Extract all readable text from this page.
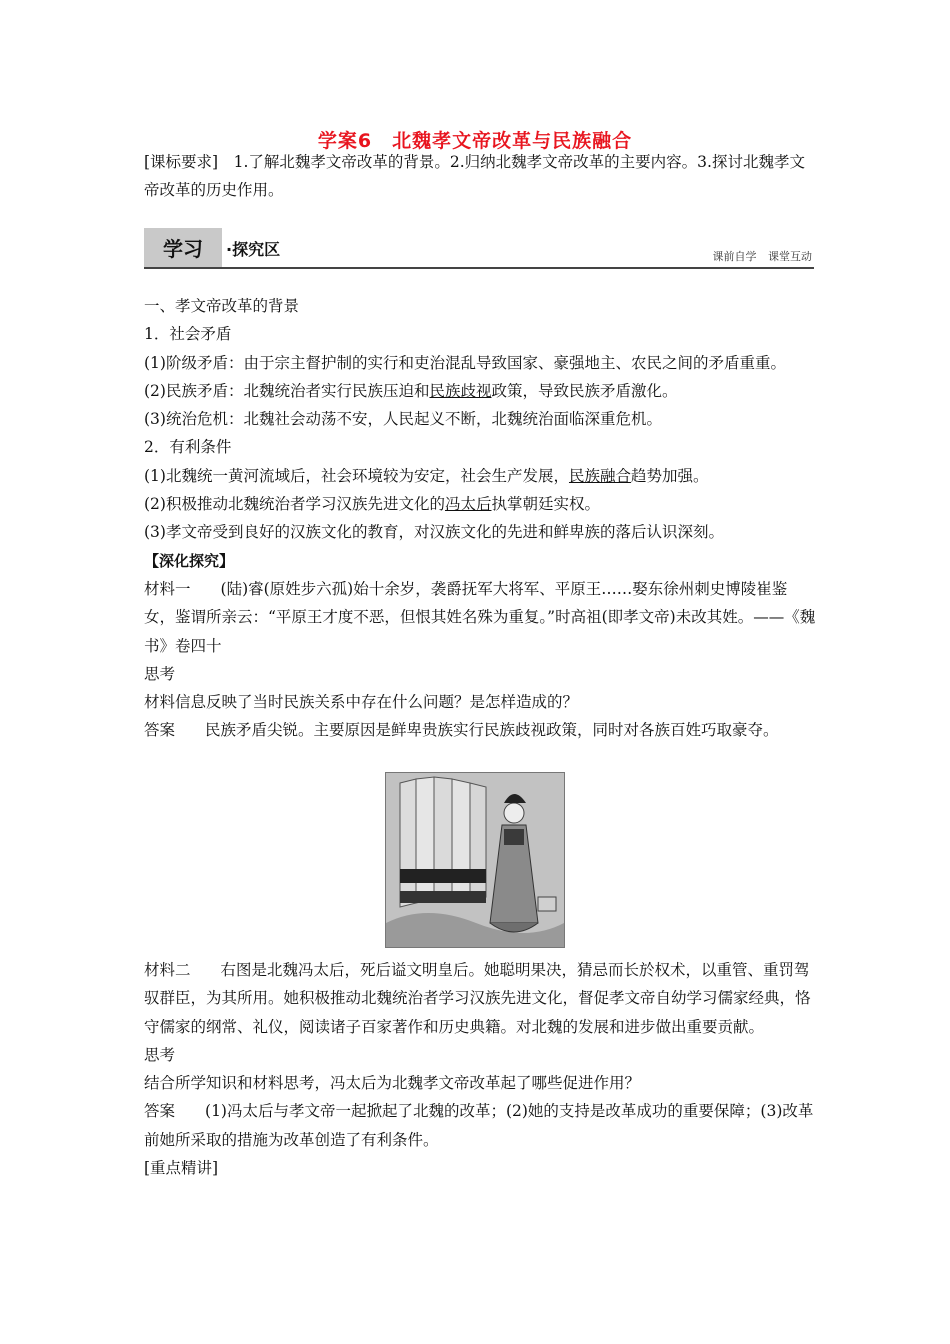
学案6　北魏孝文帝改革与民族融合
[课标要求]　1.了解北魏孝文帝改革的背景。2.归纳北魏孝文帝改革的主要内容。3.探讨北魏孝文帝改革的历史作用。
学习	·探究区	课前自学 课堂互动

一、孝文帝改革的背景

1．社会矛盾

(1)阶级矛盾：由于宗主督护制的实行和吏治混乱导致国家、豪强地主、农民之间的矛盾重重。

(2)民族矛盾：北魏统治者实行民族压迫和民族歧视政策，导致民族矛盾激化。

(3)统治危机：北魏社会动荡不安，人民起义不断，北魏统治面临深重危机。

2．有利条件

(1)北魏统一黄河流域后，社会环境较为安定，社会生产发展，民族融合趋势加强。

(2)积极推动北魏统治者学习汉族先进文化的冯太后执掌朝廷实权。

(3)孝文帝受到良好的汉族文化的教育，对汉族文化的先进和鲜卑族的落后认识深刻。

【深化探究】

材料一 (陆)睿(原姓步六孤)始十余岁，袭爵抚军大将军、平原王……娶东徐州刺史博陵崔鉴女，鉴谓所亲云：“平原王才度不恶，但恨其姓名殊为重复。”时高祖(即孝文帝)未改其姓。——《魏书》卷四十

思考

材料信息反映了当时民族关系中存在什么问题？是怎样造成的？

答案 民族矛盾尖锐。主要原因是鲜卑贵族实行民族歧视政策，同时对各族百姓巧取豪夺。

材料二 右图是北魏冯太后，死后谥文明皇后。她聪明果决，猜忌而长於权术，以重管、重罚驾驭群臣，为其所用。她积极推动北魏统治者学习汉族先进文化，督促孝文帝自幼学习儒家经典，恪守儒家的纲常、礼仪，阅读诸子百家著作和历史典籍。对北魏的发展和进步做出重要贡献。

思考

结合所学知识和材料思考，冯太后为北魏孝文帝改革起了哪些促进作用？

答案 (1)冯太后与孝文帝一起掀起了北魏的改革；(2)她的支持是改革成功的重要保障；(3)改革前她所采取的措施为改革创造了有利条件。

[重点精讲]
